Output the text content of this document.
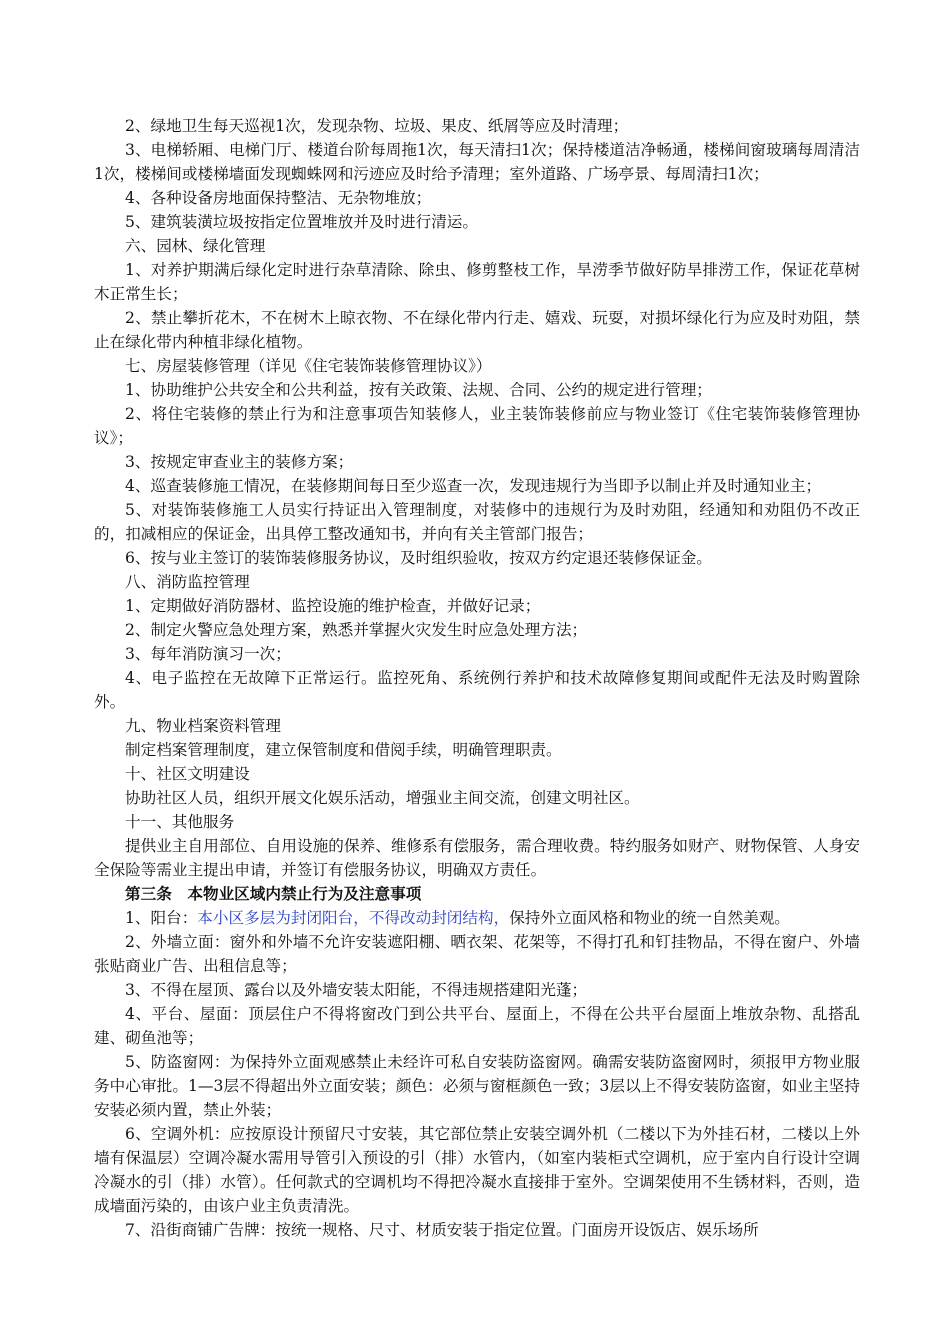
2、绿地卫生每天巡视1次，发现杂物、垃圾、果皮、纸屑等应及时清理；

3、电梯轿厢、电梯门厅、楼道台阶每周拖1次，每天清扫1次；保持楼道洁净畅通，楼梯间窗玻璃每周清洁1次，楼梯间或楼梯墙面发现蜘蛛网和污迹应及时给予清理；室外道路、广场亭景、每周清扫1次；

4、各种设备房地面保持整洁、无杂物堆放；

5、建筑装潢垃圾按指定位置堆放并及时进行清运。

六、园林、绿化管理

1、对养护期满后绿化定时进行杂草清除、除虫、修剪整枝工作，旱涝季节做好防旱排涝工作，保证花草树木正常生长；

2、禁止攀折花木，不在树木上晾衣物、不在绿化带内行走、嬉戏、玩耍，对损坏绿化行为应及时劝阻，禁止在绿化带内种植非绿化植物。

七、房屋装修管理（详见《住宅装饰装修管理协议》）

1、协助维护公共安全和公共利益，按有关政策、法规、合同、公约的规定进行管理；

2、将住宅装修的禁止行为和注意事项告知装修人，业主装饰装修前应与物业签订《住宅装饰装修管理协议》；

3、按规定审查业主的装修方案；

4、巡查装修施工情况，在装修期间每日至少巡查一次，发现违规行为当即予以制止并及时通知业主；

5、对装饰装修施工人员实行持证出入管理制度，对装修中的违规行为及时劝阻，经通知和劝阻仍不改正的，扣减相应的保证金，出具停工整改通知书，并向有关主管部门报告；

6、按与业主签订的装饰装修服务协议，及时组织验收，按双方约定退还装修保证金。

八、消防监控管理

1、定期做好消防器材、监控设施的维护检查，并做好记录；

2、制定火警应急处理方案，熟悉并掌握火灾发生时应急处理方法；

3、每年消防演习一次；

4、电子监控在无故障下正常运行。监控死角、系统例行养护和技术故障修复期间或配件无法及时购置除外。

九、物业档案资料管理

制定档案管理制度，建立保管制度和借阅手续，明确管理职责。

十、社区文明建设

协助社区人员，组织开展文化娱乐活动，增强业主间交流，创建文明社区。

十一、其他服务

提供业主自用部位、自用设施的保养、维修系有偿服务，需合理收费。特约服务如财产、财物保管、人身安全保险等需业主提出申请，并签订有偿服务协议，明确双方责任。

第三条　本物业区域内禁止行为及注意事项

1、阳台：本小区多层为封闭阳台，不得改动封闭结构，保持外立面风格和物业的统一自然美观。

2、外墙立面：窗外和外墙不允许安装遮阳棚、晒衣架、花架等，不得打孔和钉挂物品，不得在窗户、外墙张贴商业广告、出租信息等；

3、不得在屋顶、露台以及外墙安装太阳能，不得违规搭建阳光蓬；

4、平台、屋面：顶层住户不得将窗改门到公共平台、屋面上，不得在公共平台屋面上堆放杂物、乱搭乱建、砌鱼池等；

5、防盗窗网：为保持外立面观感禁止未经许可私自安装防盗窗网。确需安装防盗窗网时，须报甲方物业服务中心审批。1—3层不得超出外立面安装；颜色：必须与窗框颜色一致；3层以上不得安装防盗窗，如业主坚持安装必须内置，禁止外装；

6、空调外机：应按原设计预留尺寸安装，其它部位禁止安装空调外机（二楼以下为外挂石材，二楼以上外墙有保温层）空调冷凝水需用导管引入预设的引（排）水管内，（如室内装柜式空调机，应于室内自行设计空调冷凝水的引（排）水管）。任何款式的空调机均不得把冷凝水直接排于室外。空调架使用不生锈材料，否则，造成墙面污染的，由该户业主负责清洗。

7、沿街商铺广告牌：按统一规格、尺寸、材质安装于指定位置。门面房开设饭店、娱乐场所
